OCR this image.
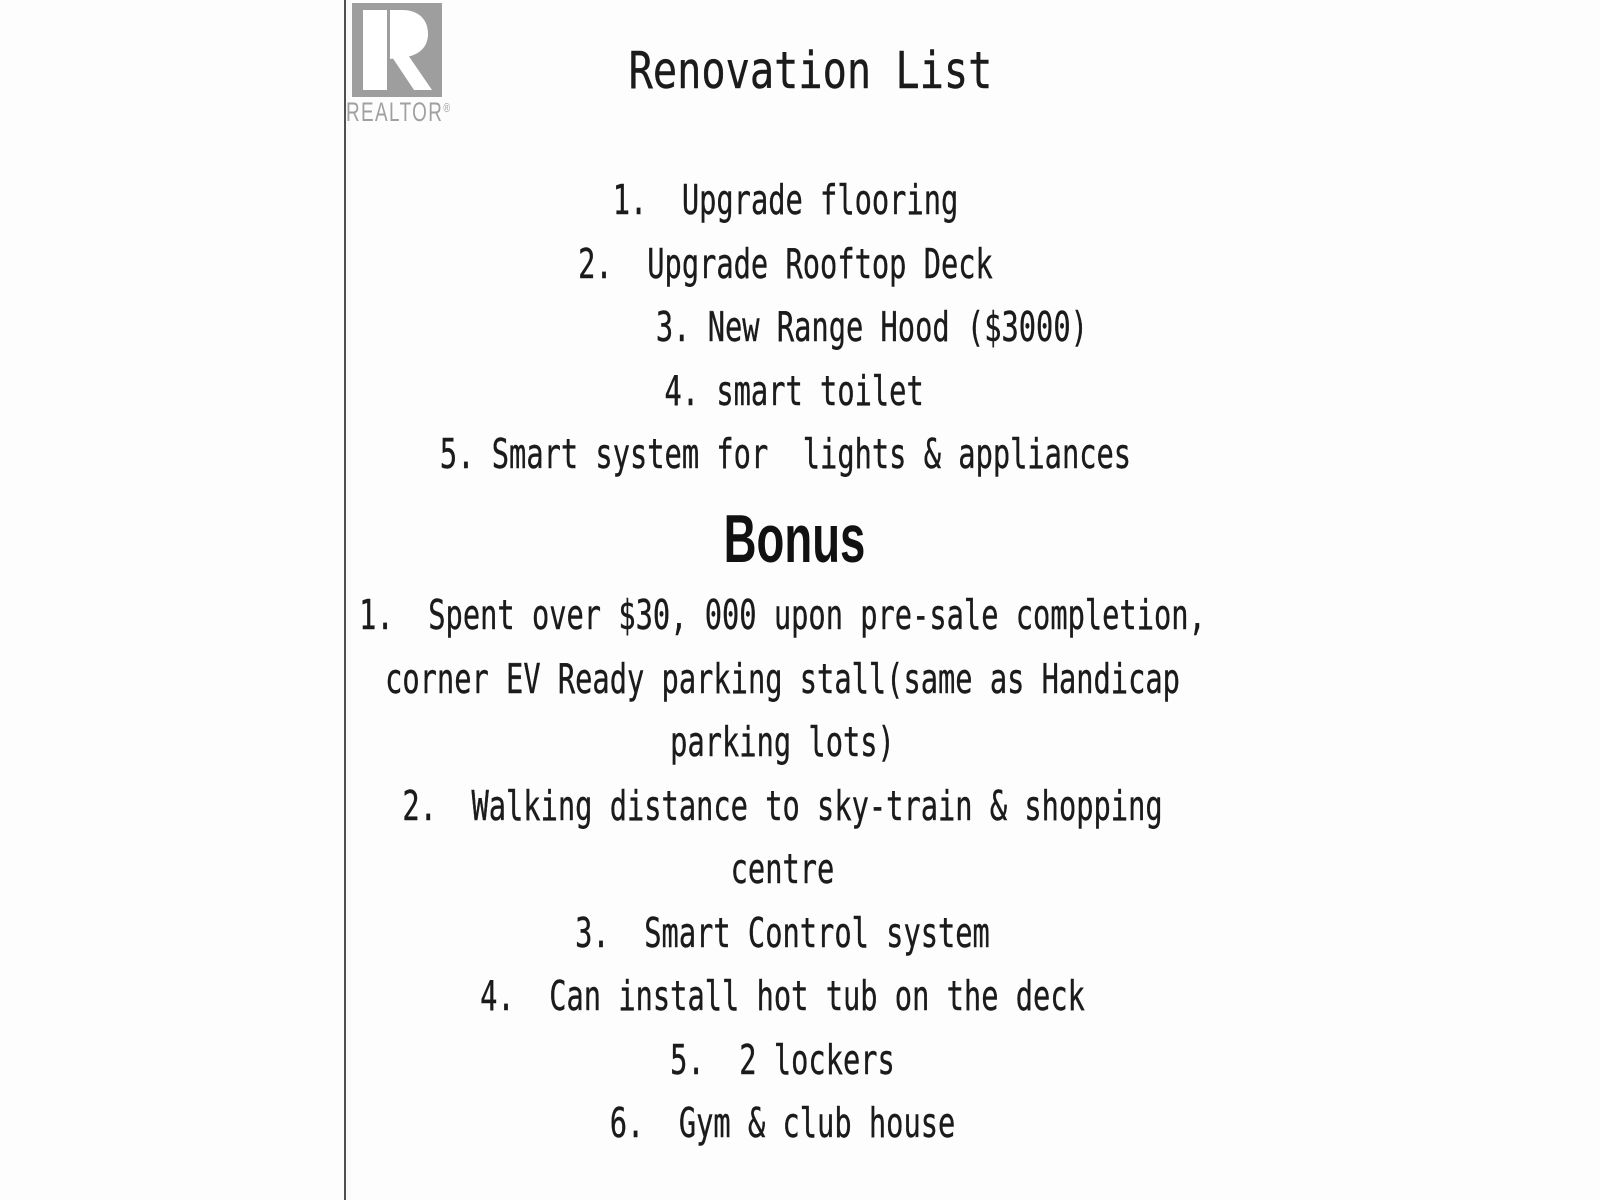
REALTOR®
Renovation List
1.  Upgrade flooring
2.  Upgrade Rooftop Deck
3. New Range Hood ($3000)
4. smart toilet
5. Smart system for  lights & appliances
Bonus
1.  Spent over $30, 000 upon pre-sale completion,
corner EV Ready parking stall(same as Handicap
parking lots)
2.  Walking distance to sky-train & shopping
centre
3.  Smart Control system
4.  Can install hot tub on the deck
5.  2 lockers
6.  Gym & club house
